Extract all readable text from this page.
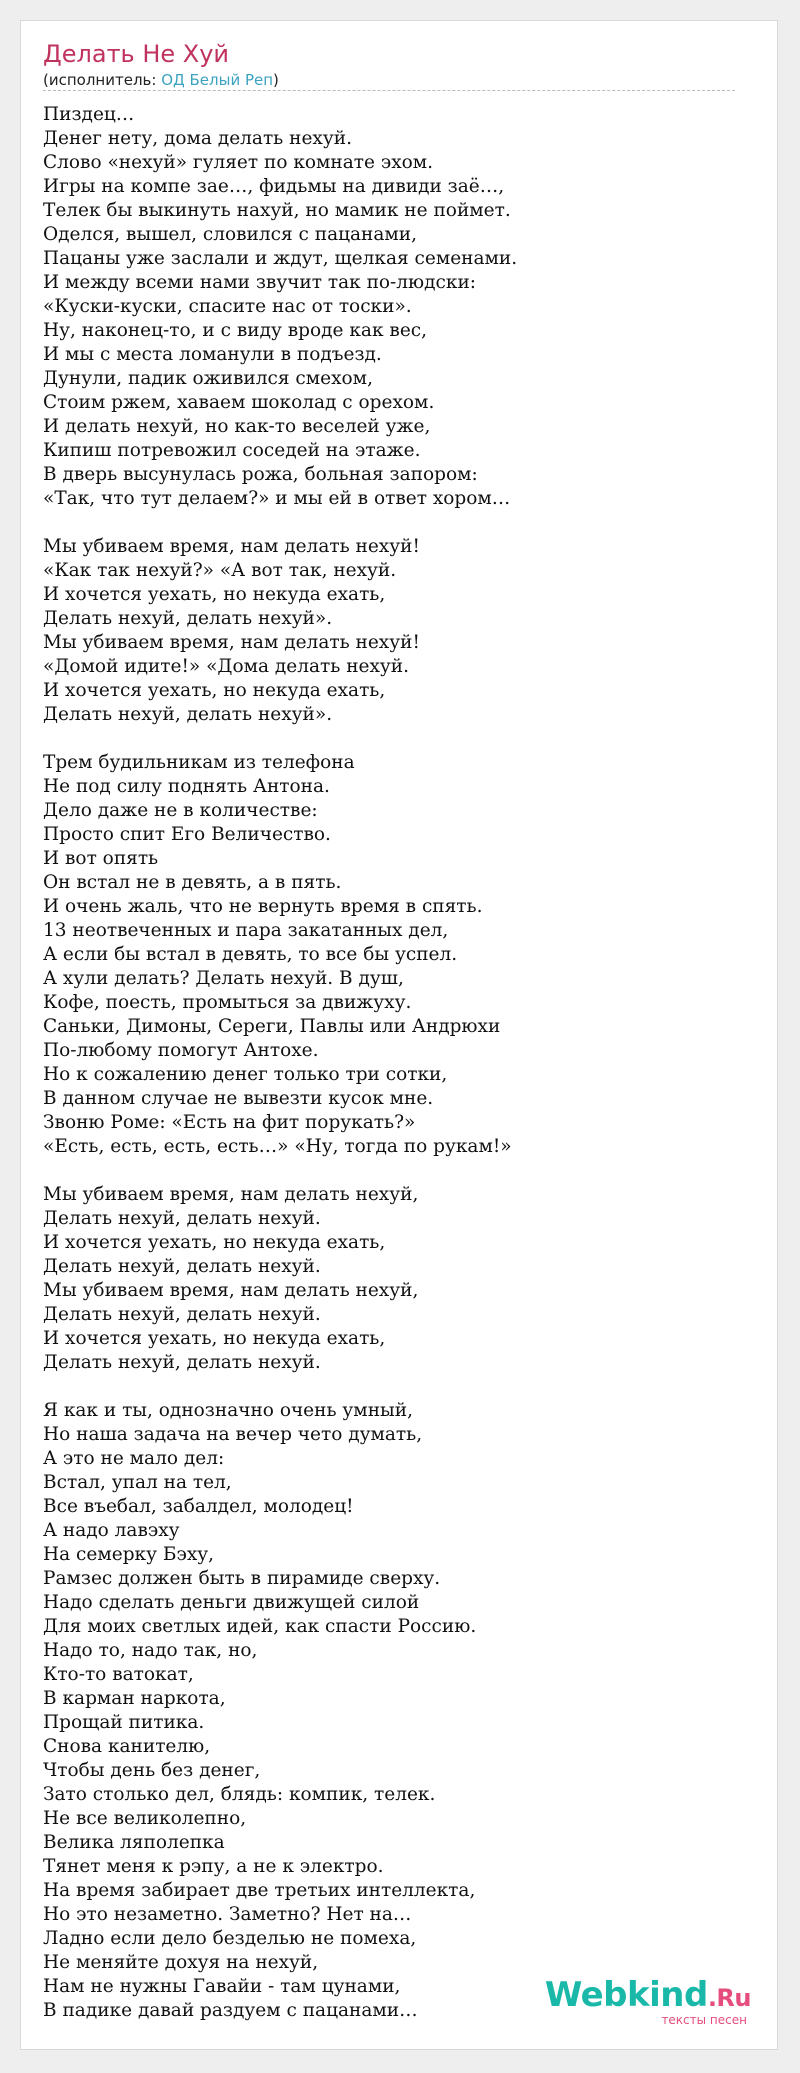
Делать Не Хуй
(исполнитель: ОД Белый Реп)
Пиздец…
Денег нету, дома делать нехуй.
Слово «нехуй» гуляет по комнате эхом.
Игры на компе зае…, фидьмы на дивиди заё…,
Телек бы выкинуть нахуй, но мамик не поймет.
Оделся, вышел, словился с пацанами,
Пацаны уже заслали и ждут, щелкая семенами.
И между всеми нами звучит так по-людски:
«Куски-куски, спасите нас от тоски».
Ну, наконец-то, и с виду вроде как вес,
И мы с места ломанули в подъезд.
Дунули, падик оживился смехом,
Стоим ржем, хаваем шоколад с орехом.
И делать нехуй, но как-то веселей уже,
Кипиш потревожил соседей на этаже.
В дверь высунулась рожа, больная запором:
«Так, что тут делаем?» и мы ей в ответ хором…
Мы убиваем время, нам делать нехуй!
«Как так нехуй?» «А вот так, нехуй.
И хочется уехать, но некуда ехать,
Делать нехуй, делать нехуй».
Мы убиваем время, нам делать нехуй!
«Домой идите!» «Дома делать нехуй.
И хочется уехать, но некуда ехать,
Делать нехуй, делать нехуй».
Трем будильникам из телефона
Не под силу поднять Антона.
Дело даже не в количестве:
Просто спит Его Величество.
И вот опять
Он встал не в девять, а в пять.
И очень жаль, что не вернуть время в спять.
13 неотвеченных и пара закатанных дел,
А если бы встал в девять, то все бы успел.
А хули делать? Делать нехуй. В душ,
Кофе, поесть, промыться за движуху.
Саньки, Димоны, Сереги, Павлы или Андрюхи
По-любому помогут Антохе.
Но к сожалению денег только три сотки,
В данном случае не вывезти кусок мне.
Звоню Роме: «Есть на фит порукать?»
«Есть, есть, есть, есть…» «Ну, тогда по рукам!»
Мы убиваем время, нам делать нехуй,
Делать нехуй, делать нехуй.
И хочется уехать, но некуда ехать,
Делать нехуй, делать нехуй.
Мы убиваем время, нам делать нехуй,
Делать нехуй, делать нехуй.
И хочется уехать, но некуда ехать,
Делать нехуй, делать нехуй.
Я как и ты, однозначно очень умный,
Но наша задача на вечер чето думать,
А это не мало дел:
Встал, упал на тел,
Все въебал, забалдел, молодец!
А надо лавэху
На семерку Бэху,
Рамзес должен быть в пирамиде сверху.
Надо сделать деньги движущей силой
Для моих светлых идей, как спасти Россию.
Надо то, надо так, но,
Кто-то ватокат,
В карман наркота,
Прощай питика.
Снова канителю,
Чтобы день без денег,
Зато столько дел, блядь: компик, телек.
Не все великолепно,
Велика ляполепка
Тянет меня к рэпу, а не к электро.
На время забирает две третьих интеллекта,
Но это незаметно. Заметно? Нет на…
Ладно если дело безделью не помеха,
Не меняйте дохуя на нехуй,
Нам не нужны Гавайи - там цунами,
В падике давай раздуем с пацанами…	Webkind.Ru
тексты песен
